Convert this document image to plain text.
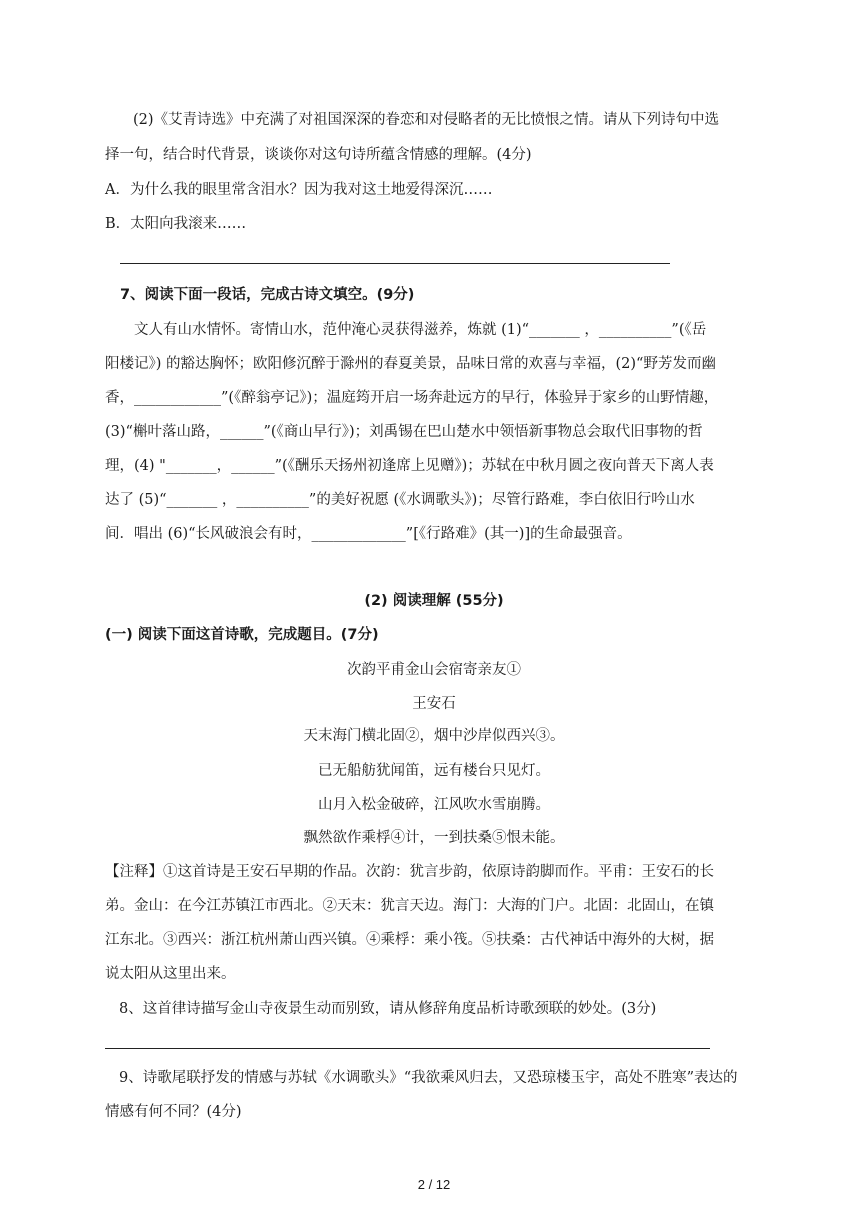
(2)《艾青诗选》中充满了对祖国深深的眷恋和对侵略者的无比愤恨之情。请从下列诗句中选
择一句，结合时代背景，谈谈你对这句诗所蕴含情感的理解。(4分)
A．为什么我的眼里常含泪水？因为我对这土地爱得深沉……
B．太阳向我滚来……
7、阅读下面一段话，完成古诗文填空。(9分)
文人有山水情怀。寄情山水，范仲淹心灵获得滋养，炼就 (1)“_______ ，__________”(《岳
阳楼记》) 的豁达胸怀；欧阳修沉醉于滁州的春夏美景，品味日常的欢喜与幸福，(2)“野芳发而幽
香，____________”(《醉翁亭记》)；温庭筠开启一场奔赴远方的早行，体验异于家乡的山野情趣，
(3)“槲叶落山路，______”(《商山早行》)；刘禹锡在巴山楚水中领悟新事物总会取代旧事物的哲
理，(4) "_______，______”(《酬乐天扬州初逢席上见赠》)；苏轼在中秋月圆之夜向普天下离人表
达了 (5)“_______ ，__________”的美好祝愿 (《水调歌头》)；尽管行路难，李白依旧行吟山水
间．唱出 (6)“长风破浪会有时，_____________”[《行路难》(其一)]的生命最强音。
(2) 阅读理解 (55分)
(一) 阅读下面这首诗歌，完成题目。(7分)
次韵平甫金山会宿寄亲友①
王安石
天末海门横北固②，烟中沙岸似西兴③。
已无船舫犹闻笛，远有楼台只见灯。
山月入松金破碎，江风吹水雪崩腾。
飘然欲作乘桴④计，一到扶桑⑤恨未能。
【注释】①这首诗是王安石早期的作品。次韵：犹言步韵，依原诗韵脚而作。平甫：王安石的长
弟。金山：在今江苏镇江市西北。②天末：犹言天边。海门：大海的门户。北固：北固山，在镇
江东北。③西兴：浙江杭州萧山西兴镇。④乘桴：乘小筏。⑤扶桑：古代神话中海外的大树，据
说太阳从这里出来。
8、这首律诗描写金山寺夜景生动而别致，请从修辞角度品析诗歌颈联的妙处。(3分)
9、诗歌尾联抒发的情感与苏轼《水调歌头》“我欲乘风归去，又恐琼楼玉宇，高处不胜寒”表达的
情感有何不同？(4分)
2 / 12
